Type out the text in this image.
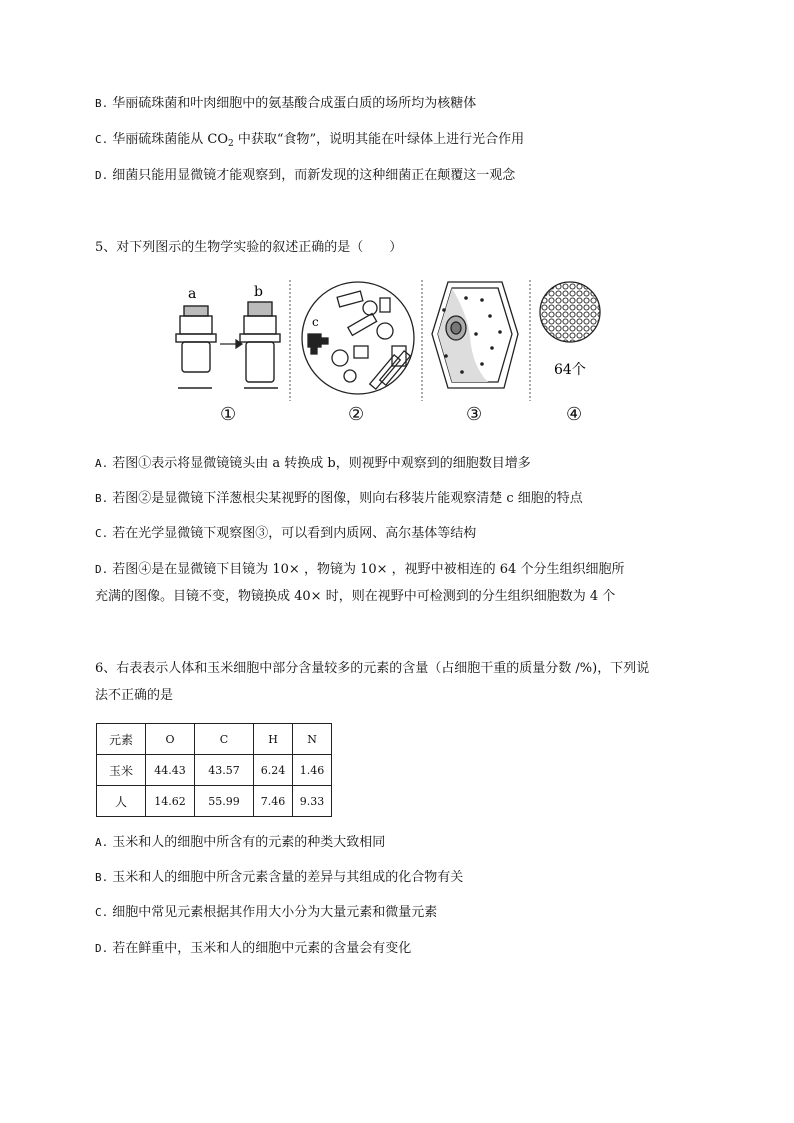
B. 华丽硫珠菌和叶肉细胞中的氨基酸合成蛋白质的场所均为核糖体
C. 华丽硫珠菌能从 $CO_2$ 中获取“食物”，说明其能在叶绿体上进行光合作用
D. 细菌只能用显微镜才能观察到，而新发现的这种细菌正在颠覆这一观念
5、对下列图示的生物学实验的叙述正确的是（　　）
a	b
c
64个
①	②	③	④
A. 若图①表示将显微镜镜头由 a 转换成 b，则视野中观察到的细胞数目增多
B. 若图②是显微镜下洋葱根尖某视野的图像，则向右移装片能观察清楚 c 细胞的特点
C. 若在光学显微镜下观察图③，可以看到内质网、高尔基体等结构
D. 若图④是在显微镜下目镜为 10× ，物镜为 10× ，视野中被相连的 64 个分生组织细胞所
充满的图像。目镜不变，物镜换成 40× 时，则在视野中可检测到的分生组织细胞数为 4 个
6、右表表示人体和玉米细胞中部分含量较多的元素的含量（占细胞干重的质量分数 /%)，下列说
法不正确的是
元素	O	C	H	N
玉米	44.43	43.57	6.24	1.46
人	14.62	55.99	7.46	9.33
A. 玉米和人的细胞中所含有的元素的种类大致相同
B. 玉米和人的细胞中所含元素含量的差异与其组成的化合物有关
C. 细胞中常见元素根据其作用大小分为大量元素和微量元素
D. 若在鲜重中，玉米和人的细胞中元素的含量会有变化
